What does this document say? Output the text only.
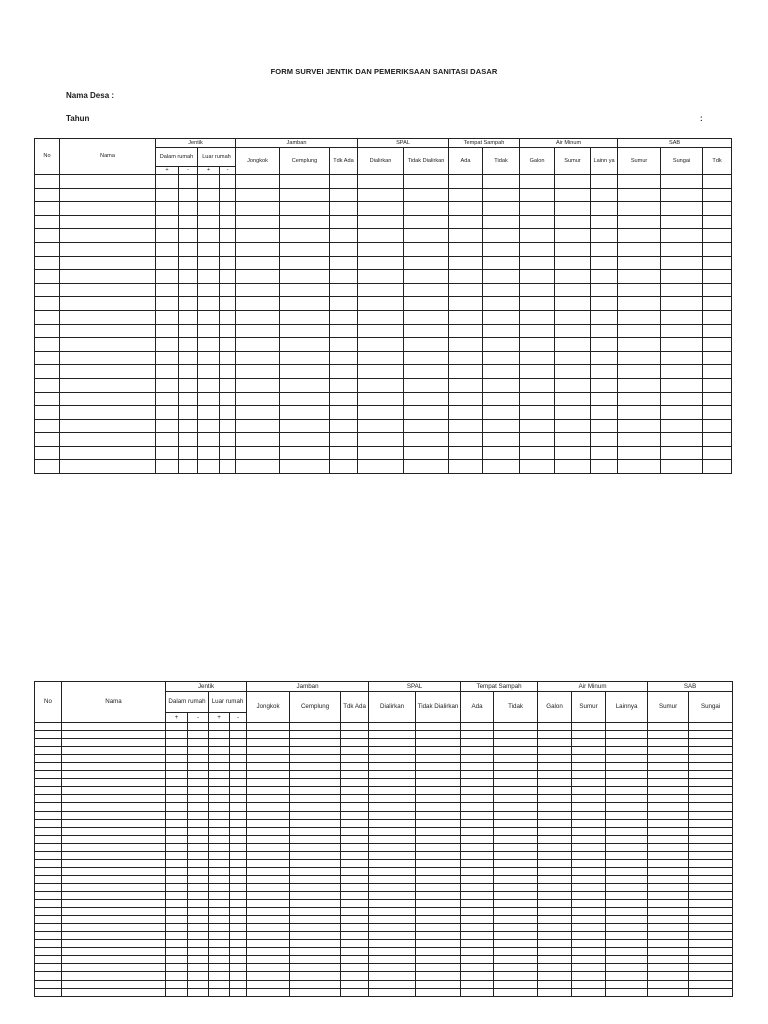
FORM SURVEI JENTIK DAN PEMERIKSAAN SANITASI DASAR
Nama Desa :
Tahun	:
No	Nama	Jentik				Jamban			SPAL		Tempat Sampah		Air Minum			SAB		
		Dalam rumah		Luar rumah		Jongkok	Cemplung	Tdk Ada	Dialirkan	Tidak Dialirkan	Ada	Tidak	Galon	Sumur	Lainn ya	Sumur	Sungai	Tdk
		+	-	+	-													

No	Nama	Jentik				Jamban			SPAL		Tempat Sampah		Air Minum			SAB	
		Dalam rumah		Luar rumah		Jongkok	Cemplung	Tdk Ada	Dialirkan	Tidak Dialirkan	Ada	Tidak	Galon	Sumur	Lainnya	Sumur	Sungai
		+	-	+	-												
